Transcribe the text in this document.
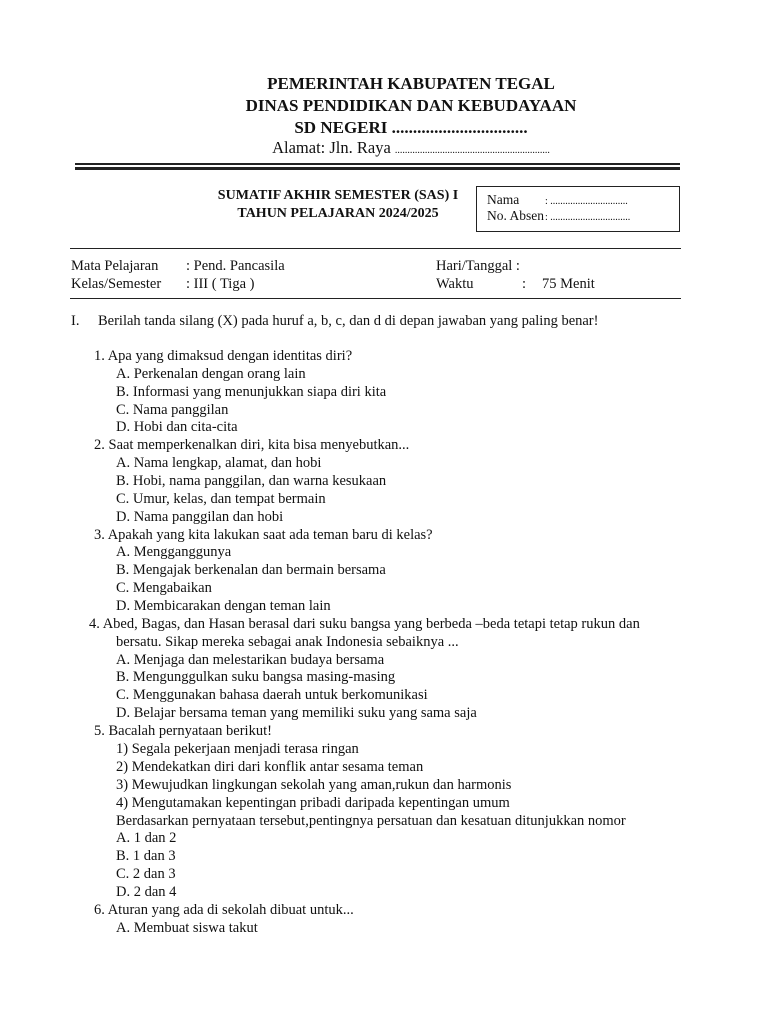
PEMERINTAH KABUPATEN TEGAL
DINAS PENDIDIKAN DAN KEBUDAYAAN
SD NEGERI ................................
Alamat: Jln. Raya ..............................................................
SUMATIF AKHIR SEMESTER (SAS) I
TAHUN PELAJARAN 2024/2025
Nama	: ...............................
No. Absen : ................................
Mata Pelajaran : Pend. Pancasila	Hari/Tanggal :
Kelas/Semester : III ( Tiga )	Waktu	: 75 Menit
I. Berilah tanda silang (X) pada huruf a, b, c, dan d di depan jawaban yang paling benar!
1. Apa yang dimaksud dengan identitas diri?
A. Perkenalan dengan orang lain
B. Informasi yang menunjukkan siapa diri kita
C. Nama panggilan
D. Hobi dan cita-cita
2. Saat memperkenalkan diri, kita bisa menyebutkan...
A. Nama lengkap, alamat, dan hobi
B. Hobi, nama panggilan, dan warna kesukaan
C. Umur, kelas, dan tempat bermain
D. Nama panggilan dan hobi
3. Apakah yang kita lakukan saat ada teman baru di kelas?
A. Mengganggunya
B. Mengajak berkenalan dan bermain bersama
C. Mengabaikan
D. Membicarakan dengan teman lain
4. Abed, Bagas, dan Hasan berasal dari suku bangsa yang berbeda –beda tetapi tetap rukun dan
bersatu. Sikap mereka sebagai anak Indonesia sebaiknya ...
A. Menjaga dan melestarikan budaya bersama
B. Mengunggulkan suku bangsa masing-masing
C. Menggunakan bahasa daerah untuk berkomunikasi
D. Belajar bersama teman yang memiliki suku yang sama saja
5. Bacalah pernyataan berikut!
1) Segala pekerjaan menjadi terasa ringan
2) Mendekatkan diri dari konflik antar sesama teman
3) Mewujudkan lingkungan sekolah yang aman,rukun dan harmonis
4) Mengutamakan kepentingan pribadi daripada kepentingan umum
Berdasarkan pernyataan tersebut,pentingnya persatuan dan kesatuan ditunjukkan nomor
A. 1 dan 2
B. 1 dan 3
C. 2 dan 3
D. 2 dan 4
6. Aturan yang ada di sekolah dibuat untuk...
A. Membuat siswa takut
